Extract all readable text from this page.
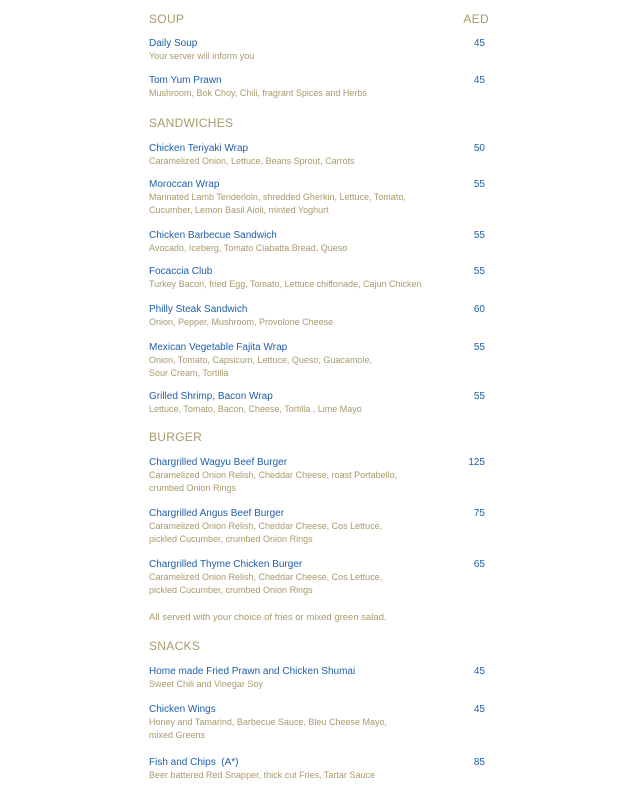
SOUP	AED
Daily Soup
Your server will inform you
45
Tom Yum Prawn
Mushroom, Bok Choy, Chili, fragrant Spices and Herbs
45
SANDWICHES
Chicken Teriyaki Wrap
Caramelized Onion, Lettuce, Beans Sprout, Carrots
50
Moroccan Wrap
Marinated Lamb Tenderloin, shredded Gherkin, Lettuce, Tomato,
Cucumber, Lemon Basil Aioli, minted Yoghurt
55
Chicken Barbecue Sandwich
Avocado, Iceberg, Tomato Ciabatta Bread, Queso
55
Focaccia Club
Turkey Bacon, fried Egg, Tomato, Lettuce chiffonade, Cajun Chicken
55
Philly Steak Sandwich
Onion, Pepper, Mushroom, Provolone Cheese
60
Mexican Vegetable Fajita Wrap
Onion, Tomato, Capsicum, Lettuce, Queso, Guacamole,
Sour Cream, Tortilla
55
Grilled Shrimp, Bacon Wrap
Lettuce, Tomato, Bacon, Cheese, Tortilla , Lime Mayo
55
BURGER
Chargrilled Wagyu Beef Burger
Caramelized Onion Relish, Cheddar Cheese, roast Portabello,
crumbed Onion Rings
125
Chargrilled Angus Beef Burger
Caramelized Onion Relish, Cheddar Cheese, Cos Lettuce,
pickled Cucumber, crumbed Onion Rings
75
Chargrilled Thyme Chicken Burger
Caramelized Onion Relish, Cheddar Cheese, Cos Lettuce,
pickled Cucumber, crumbed Onion Rings
65
All served with your choice of fries or mixed green salad.
SNACKS
Home made Fried Prawn and Chicken Shumai
Sweet Chili and Vinegar Soy
45
Chicken Wings
Honey and Tamarind, Barbecue Sauce, Bleu Cheese Mayo,
mixed Greens
45
Fish and Chips  (A*)
Beer battered Red Snapper, thick cut Fries, Tartar Sauce
85
